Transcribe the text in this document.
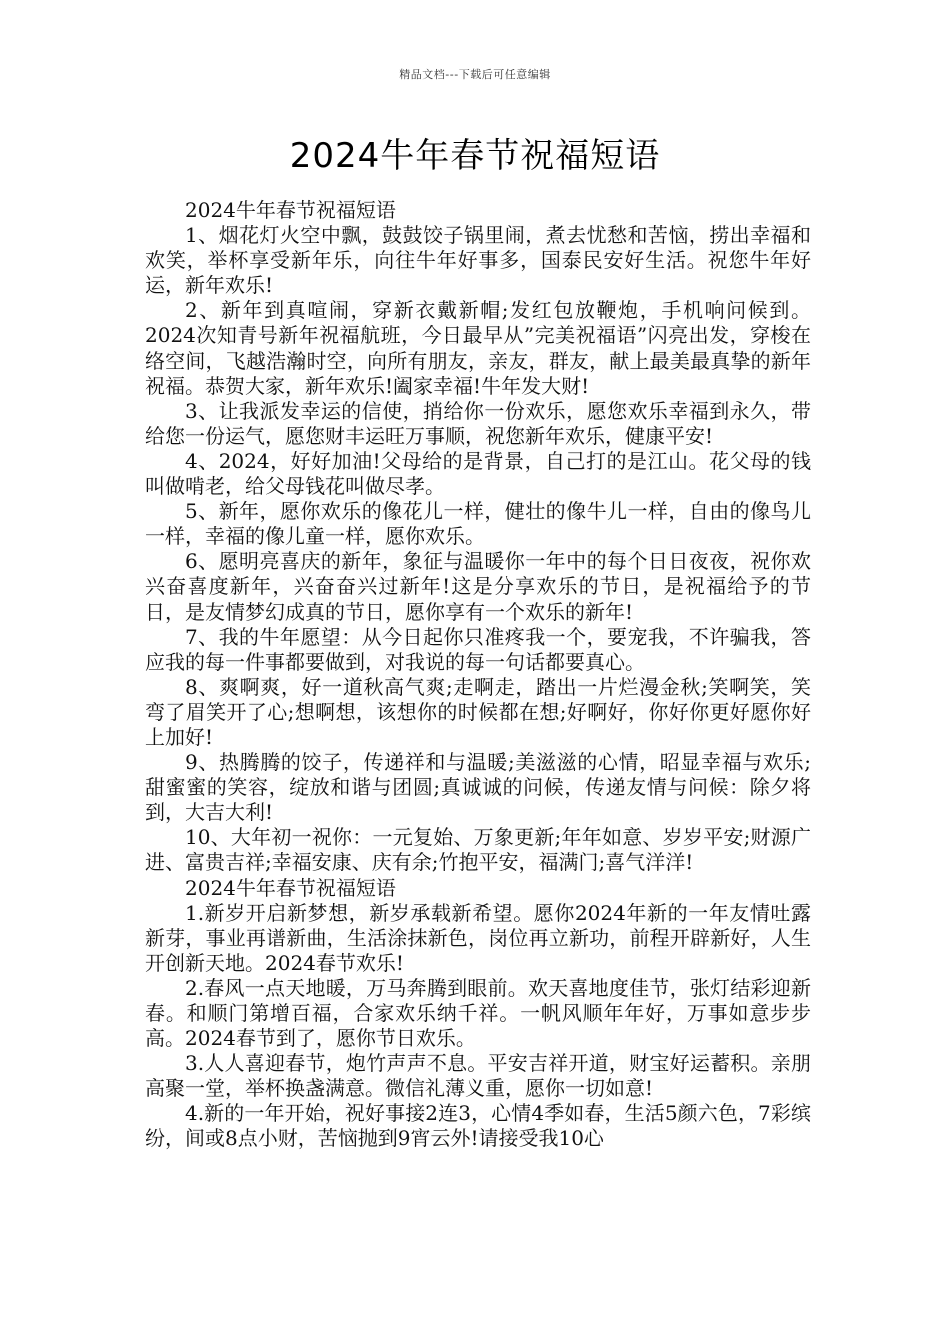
精品文档---下载后可任意编辑
2024牛年春节祝福短语

2024牛年春节祝福短语

1、烟花灯火空中飘，鼓鼓饺子锅里闹，煮去忧愁和苦恼，捞出幸福和欢笑，举杯享受新年乐，向往牛年好事多，国泰民安好生活。祝您牛年好运，新年欢乐!

2、新年到真喧闹，穿新衣戴新帽;发红包放鞭炮，手机响问候到。2024次知青号新年祝福航班，今日最早从”完美祝福语”闪亮出发，穿梭在络空间，飞越浩瀚时空，向所有朋友，亲友，群友，献上最美最真挚的新年祝福。恭贺大家，新年欢乐!阖家幸福!牛年发大财!

3、让我派发幸运的信使，捎给你一份欢乐，愿您欢乐幸福到永久，带给您一份运气，愿您财丰运旺万事顺，祝您新年欢乐，健康平安!

4、2024，好好加油!父母给的是背景，自己打的是江山。花父母的钱叫做啃老，给父母钱花叫做尽孝。

5、新年，愿你欢乐的像花儿一样，健壮的像牛儿一样，自由的像鸟儿一样，幸福的像儿童一样，愿你欢乐。

6、愿明亮喜庆的新年，象征与温暖你一年中的每个日日夜夜，祝你欢兴奋喜度新年，兴奋奋兴过新年!这是分享欢乐的节日，是祝福给予的节日，是友情梦幻成真的节日，愿你享有一个欢乐的新年!

7、我的牛年愿望：从今日起你只准疼我一个，要宠我，不许骗我，答应我的每一件事都要做到，对我说的每一句话都要真心。

8、爽啊爽，好一道秋高气爽;走啊走，踏出一片烂漫金秋;笑啊笑，笑弯了眉笑开了心;想啊想，该想你的时候都在想;好啊好，你好你更好愿你好上加好!

9、热腾腾的饺子，传递祥和与温暖;美滋滋的心情，昭显幸福与欢乐;甜蜜蜜的笑容，绽放和谐与团圆;真诚诚的问候，传递友情与问候：除夕将到，大吉大利!

10、大年初一祝你：一元复始、万象更新;年年如意、岁岁平安;财源广进、富贵吉祥;幸福安康、庆有余;竹抱平安，福满门;喜气洋洋!

2024牛年春节祝福短语

1.新岁开启新梦想，新岁承载新希望。愿你2024年新的一年友情吐露新芽，事业再谱新曲，生活涂抹新色，岗位再立新功，前程开辟新好，人生开创新天地。2024春节欢乐!

2.春风一点天地暖，万马奔腾到眼前。欢天喜地度佳节，张灯结彩迎新春。和顺门第增百福，合家欢乐纳千祥。一帆风顺年年好，万事如意步步高。2024春节到了，愿你节日欢乐。

3.人人喜迎春节，炮竹声声不息。平安吉祥开道，财宝好运蓄积。亲朋高聚一堂，举杯换盏满意。微信礼薄义重，愿你一切如意!

4.新的一年开始，祝好事接2连3，心情4季如春，生活5颜六色，7彩缤纷，间或8点小财，苦恼抛到9宵云外!请接受我10心
